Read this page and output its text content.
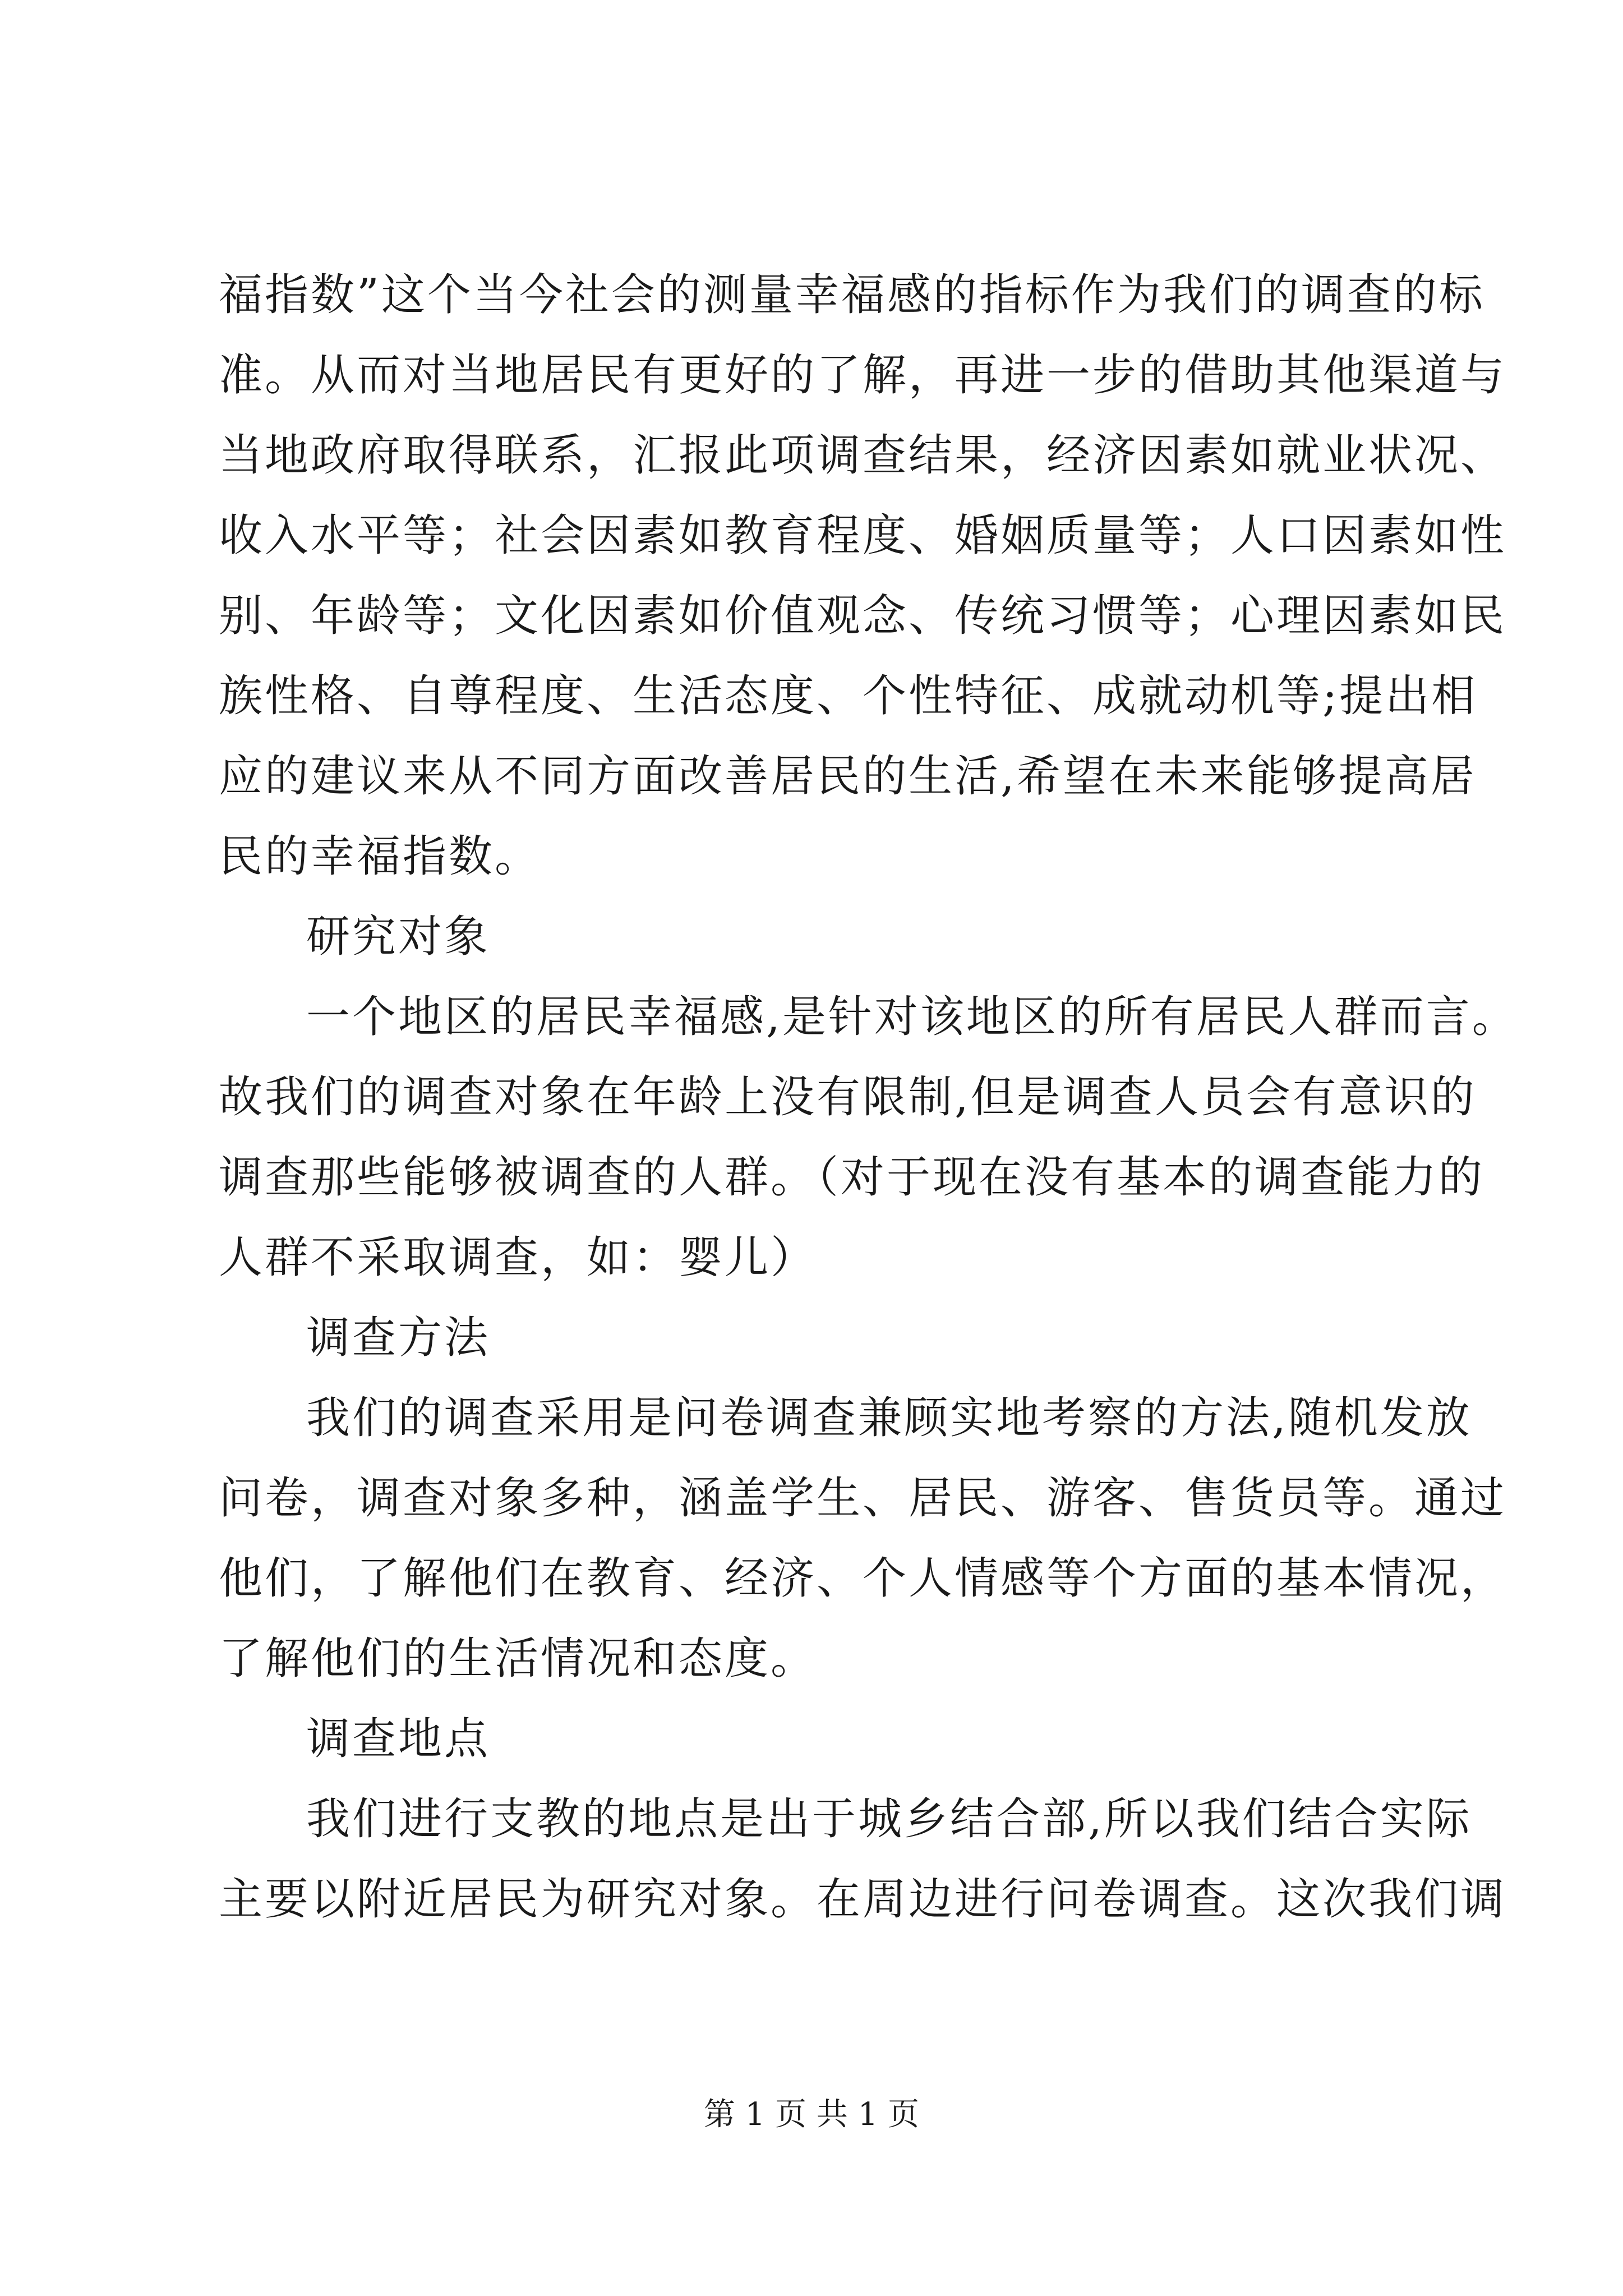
福指数”这个当今社会的测量幸福感的指标作为我们的调查的标
准。从而对当地居民有更好的了解，再进一步的借助其他渠道与
当地政府取得联系，汇报此项调查结果，经济因素如就业状况、
收入水平等；社会因素如教育程度、婚姻质量等；人口因素如性
别、年龄等；文化因素如价值观念、传统习惯等；心理因素如民
族性格、自尊程度、生活态度、个性特征、成就动机等;提出相
应的建议来从不同方面改善居民的生活,希望在未来能够提高居
民的幸福指数。
研究对象
一个地区的居民幸福感,是针对该地区的所有居民人群而言。
故我们的调查对象在年龄上没有限制,但是调查人员会有意识的
调查那些能够被调查的人群。（对于现在没有基本的调查能力的
人群不采取调查，如：婴儿）
调查方法
我们的调查采用是问卷调查兼顾实地考察的方法,随机发放
问卷，调查对象多种，涵盖学生、居民、游客、售货员等。通过
他们，了解他们在教育、经济、个人情感等个方面的基本情况，
了解他们的生活情况和态度。
调查地点
我们进行支教的地点是出于城乡结合部,所以我们结合实际
主要以附近居民为研究对象。在周边进行问卷调查。这次我们调
第 1 页 共 1 页
